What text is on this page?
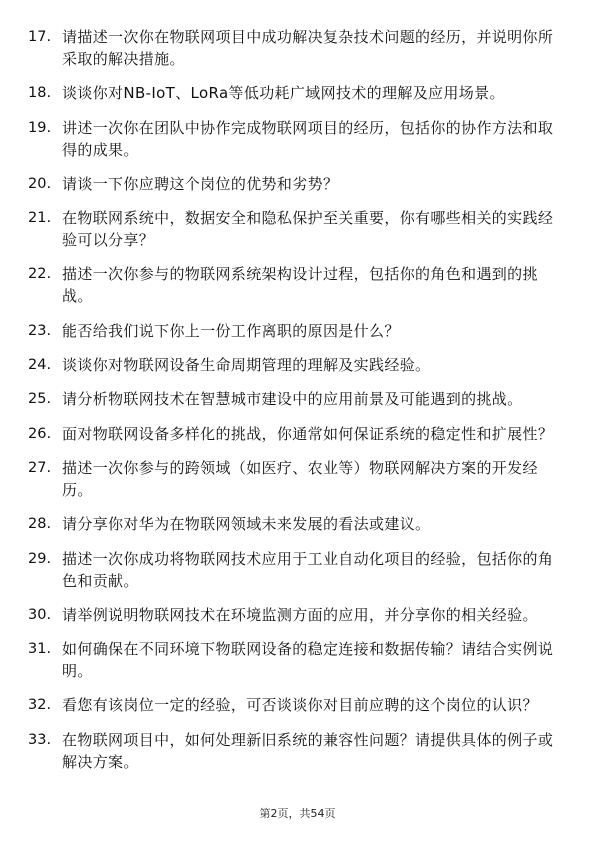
17. 请描述一次你在物联网项目中成功解决复杂技术问题的经历，并说明你所采取的解决措施。
18. 谈谈你对NB-IoT、LoRa等低功耗广域网技术的理解及应用场景。
19. 讲述一次你在团队中协作完成物联网项目的经历，包括你的协作方法和取得的成果。
20. 请谈一下你应聘这个岗位的优势和劣势？
21. 在物联网系统中，数据安全和隐私保护至关重要，你有哪些相关的实践经验可以分享？
22. 描述一次你参与的物联网系统架构设计过程，包括你的角色和遇到的挑战。
23. 能否给我们说下你上一份工作离职的原因是什么？
24. 谈谈你对物联网设备生命周期管理的理解及实践经验。
25. 请分析物联网技术在智慧城市建设中的应用前景及可能遇到的挑战。
26. 面对物联网设备多样化的挑战，你通常如何保证系统的稳定性和扩展性？
27. 描述一次你参与的跨领域（如医疗、农业等）物联网解决方案的开发经历。
28. 请分享你对华为在物联网领域未来发展的看法或建议。
29. 描述一次你成功将物联网技术应用于工业自动化项目的经验，包括你的角色和贡献。
30. 请举例说明物联网技术在环境监测方面的应用，并分享你的相关经验。
31. 如何确保在不同环境下物联网设备的稳定连接和数据传输？请结合实例说明。
32. 看您有该岗位一定的经验，可否谈谈你对目前应聘的这个岗位的认识？
33. 在物联网项目中，如何处理新旧系统的兼容性问题？请提供具体的例子或解决方案。
第2页，共54页
